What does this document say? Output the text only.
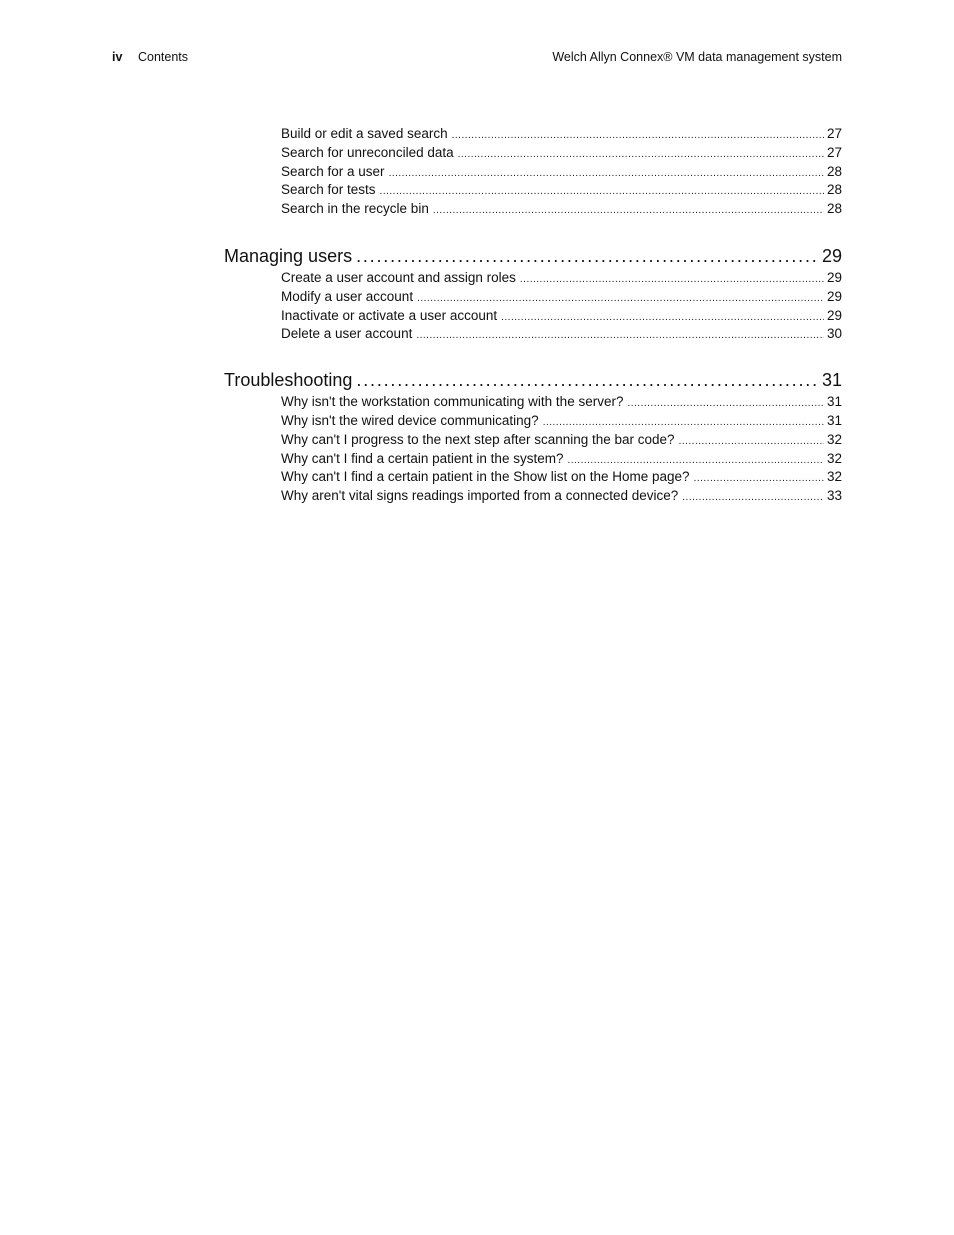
iv Contents	Welch Allyn Connex® VM data management system
Build or edit a saved search .....	27
Search for unreconciled data .....	27
Search for a user .....	28
Search for tests .....	28
Search in the recycle bin .....	28
Managing users .....	29
Create a user account and assign roles .....	29
Modify a user account .....	29
Inactivate or activate a user account .....	29
Delete a user account .....	30
Troubleshooting .....	31
Why isn't the workstation communicating with the server? .....	31
Why isn't the wired device communicating? .....	31
Why can't I progress to the next step after scanning the bar code? .....	32
Why can't I find a certain patient in the system? .....	32
Why can't I find a certain patient in the Show list on the Home page? .....	32
Why aren't vital signs readings imported from a connected device? .....	33
